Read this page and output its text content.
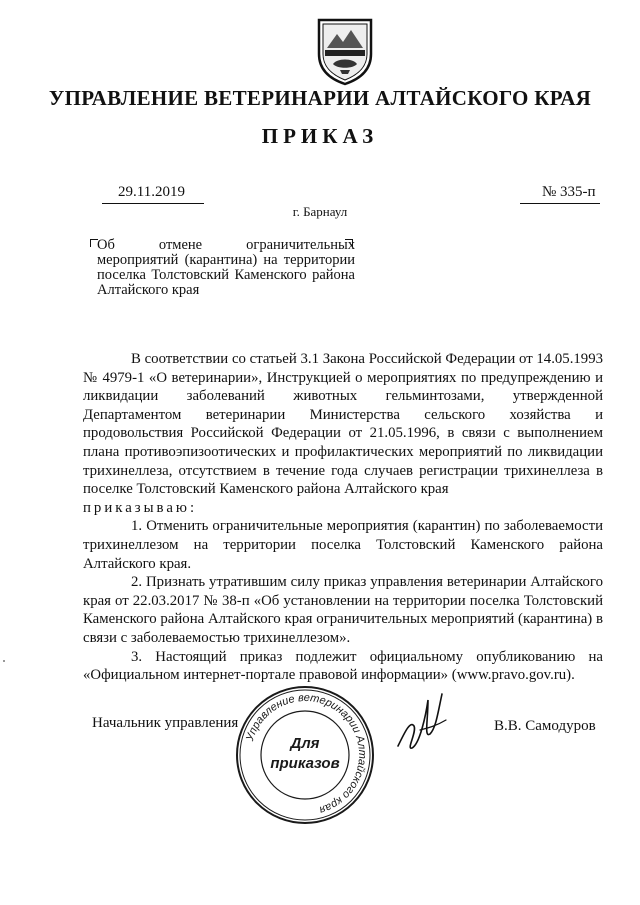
УПРАВЛЕНИЕ ВЕТЕРИНАРИИ АЛТАЙСКОГО КРАЯ
ПРИКАЗ
29.11.2019	№ 335-п
г. Барнаул
Об отмене ограничительных мероприятий (карантина) на территории поселка Толстовский Каменского района Алтайского края

В соответствии со статьей 3.1 Закона Российской Федерации от 14.05.1993 № 4979-1 «О ветеринарии», Инструкцией о мероприятиях по предупреждению и ликвидации заболеваний животных гельминтозами, утвержденной Департаментом ветеринарии Министерства сельского хозяйства и продовольствия Российской Федерации от 21.05.1996, в связи с выполнением плана противоэпизоотических и профилактических мероприятий по ликвидации трихинеллеза, отсутствием в течение года случаев регистрации трихинеллеза в поселке Толстовский Каменского района Алтайского края
приказываю:

1. Отменить ограничительные мероприятия (карантин) по заболеваемости трихинеллезом на территории поселка Толстовский Каменского района Алтайского края.

2. Признать утратившим силу приказ управления ветеринарии Алтайского края от 22.03.2017 № 38-п «Об установлении на территории поселка Толстовский Каменского района Алтайского края ограничительных мероприятий (карантина) в связи с заболеваемостью трихинеллезом».

3. Настоящий приказ подлежит официальному опубликованию на «Официальном интернет-портале правовой информации» (www.pravo.gov.ru).

Начальник управления
Управление ветеринарии Алтайского края
Для
приказов
В.В. Самодуров
